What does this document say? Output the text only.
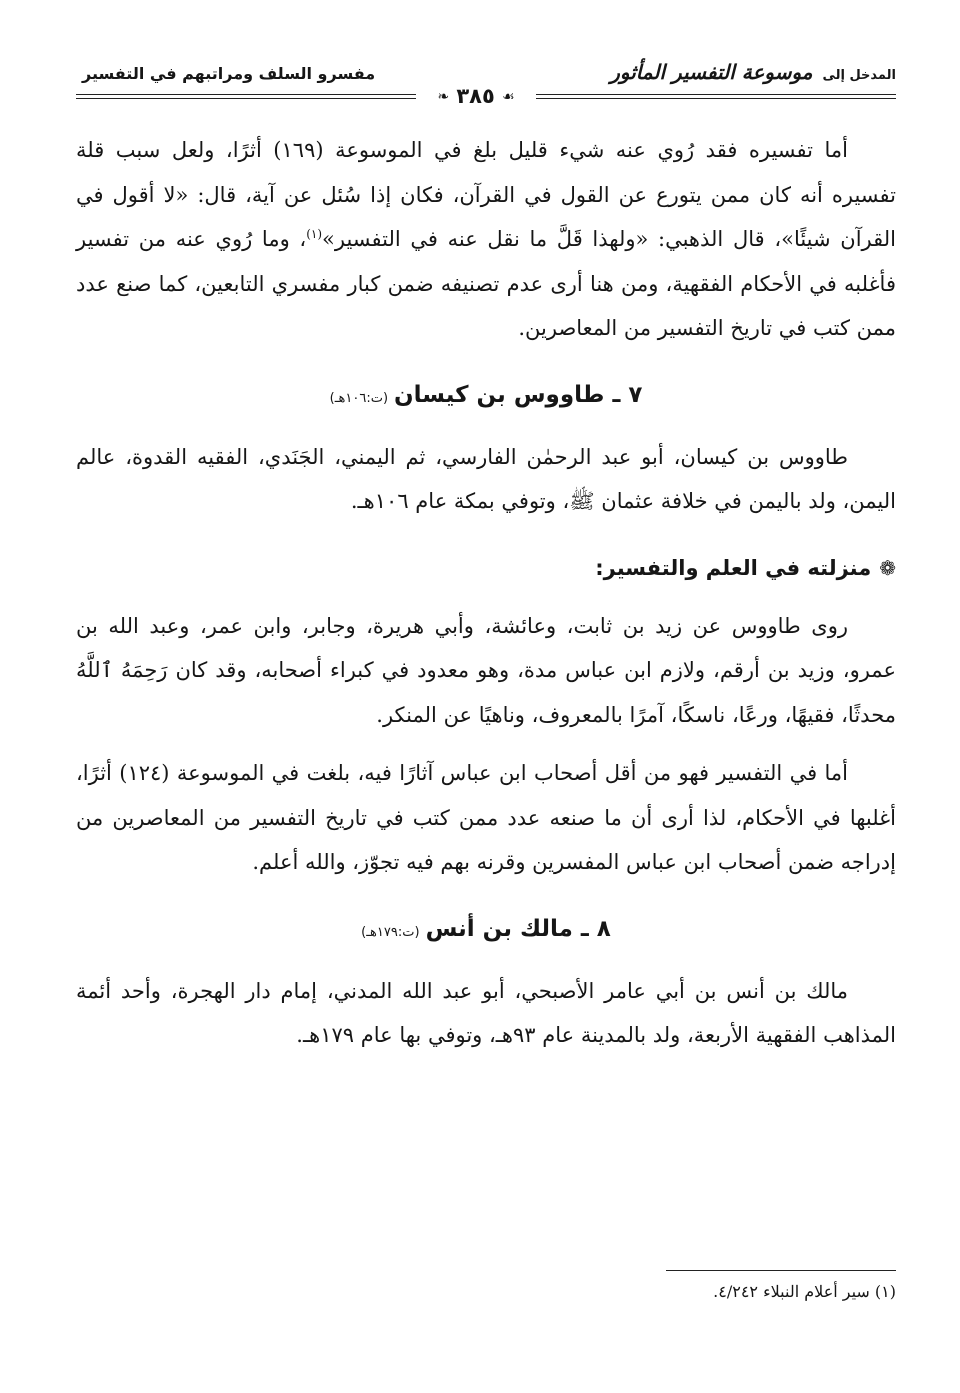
المدخل إلى موسوعة التفسير المأثور
مفسرو السلف ومراتبهم في التفسير
☙ ٣٨٥ ❧
أما تفسيره فقد رُوي عنه شيء قليل بلغ في الموسوعة (١٦٩) أثرًا، ولعل سبب قلة تفسيره أنه كان ممن يتورع عن القول في القرآن، فكان إذا سُئل عن آية، قال: «لا أقول في القرآن شيئًا»، قال الذهبي: «ولهذا قَلَّ ما نقل عنه في التفسير»$^{(١)}$، وما رُوي عنه من تفسير فأغلبه في الأحكام الفقهية، ومن هنا أرى عدم تصنيفه ضمن كبار مفسري التابعين، كما صنع عدد ممن كتب في تاريخ التفسير من المعاصرين.
٧ ـ طاووس بن كيسان(ت:١٠٦هـ)
طاووس بن كيسان، أبو عبد الرحمٰن الفارسي، ثم اليمني، الجَنَدي، الفقيه القدوة، عالم اليمن، ولد باليمن في خلافة عثمان ﷺ، وتوفي بمكة عام ١٠٦هـ.
❁منزلته في العلم والتفسير:
روى طاووس عن زيد بن ثابت، وعائشة، وأبي هريرة، وجابر، وابن عمر، وعبد الله بن عمرو، وزيد بن أرقم، ولازم ابن عباس مدة، وهو معدود في كبراء أصحابه، وقد كان رَحِمَهُ ٱللَّهُ محدثًا، فقيهًا، ورعًا، ناسكًا، آمرًا بالمعروف، وناهيًا عن المنكر.
أما في التفسير فهو من أقل أصحاب ابن عباس آثارًا فيه، بلغت في الموسوعة (١٢٤) أثرًا، أغلبها في الأحكام، لذا أرى أن ما صنعه عدد ممن كتب في تاريخ التفسير من المعاصرين من إدراجه ضمن أصحاب ابن عباس المفسرين وقرنه بهم فيه تجوّز، والله أعلم.
٨ ـ مالك بن أنس(ت:١٧٩هـ)
مالك بن أنس بن أبي عامر الأصبحي، أبو عبد الله المدني، إمام دار الهجرة، وأحد أئمة المذاهب الفقهية الأربعة، ولد بالمدينة عام ٩٣هـ، وتوفي بها عام ١٧٩هـ.
(١) سير أعلام النبلاء ٤/٢٤٢.
